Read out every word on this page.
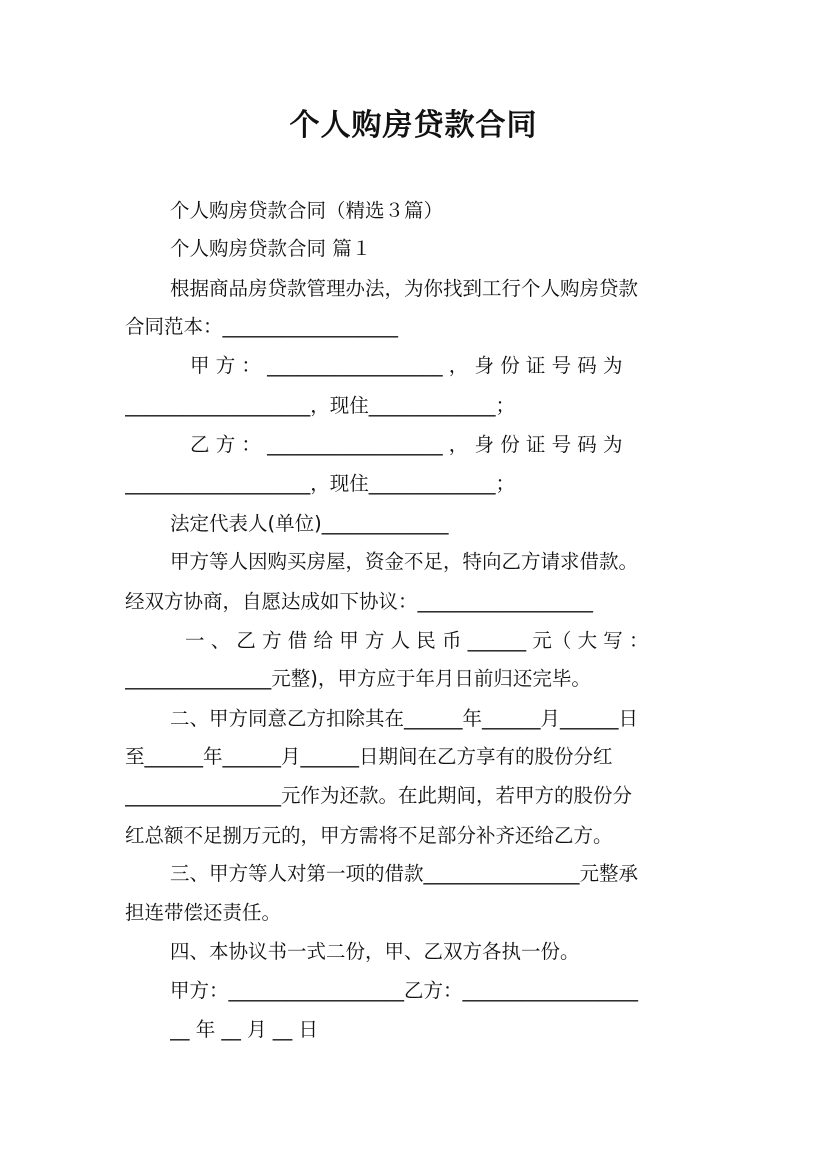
个人购房贷款合同
个人购房贷款合同（精选３篇）
个人购房贷款合同 篇１
根据商品房贷款管理办法，为你找到工行个人购房贷款
合同范本：__________________
甲 方 ： __________________ ， 身 份 证 号 码 为
___________________，现住_____________；
乙 方 ： __________________ ， 身 份 证 号 码 为
___________________，现住_____________；
法定代表人(单位)_____________
甲方等人因购买房屋，资金不足，特向乙方请求借款。
经双方协商，自愿达成如下协议：__________________
一 、 乙 方 借 给 甲 方 人 民 币 ______ 元（ 大 写 ：
_______________元整)，甲方应于年月日前归还完毕。
二、甲方同意乙方扣除其在______年______月______日
至______年______月______日期间在乙方享有的股份分红
________________元作为还款。在此期间，若甲方的股份分
红总额不足捌万元的，甲方需将不足部分补齐还给乙方。
三、甲方等人对第一项的借款________________元整承
担连带偿还责任。
四、本协议书一式二份，甲、乙双方各执一份。
甲方：__________________乙方：__________________
__ 年 __ 月 __ 日
